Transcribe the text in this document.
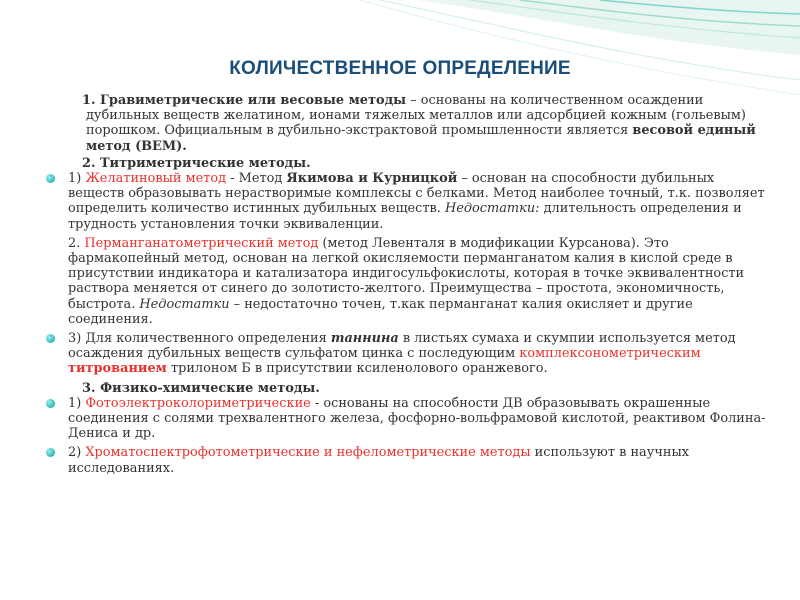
КОЛИЧЕСТВЕННОЕ ОПРЕДЕЛЕНИЕ
1. Гравиметрические или весовые методы – основаны на количественном осаждении дубильных веществ желатином, ионами тяжелых металлов или адсорбцией кожным (гольевым) порошком. Официальным в дубильно-экстрактовой промышленности является весовой единый метод (ВЕМ).
2. Титриметрические методы.
1) Желатиновый метод - Метод Якимова и Курницкой – основан на способности дубильных веществ образовывать нерастворимые комплексы с белками. Метод наиболее точный, т.к. позволяет определить количество истинных дубильных веществ. Недостатки: длительность определения и трудность установления точки эквиваленции.
2. Перманганатометрический метод (метод Левенталя в модификации Курсанова). Это фармакопейный метод, основан на легкой окисляемости перманганатом калия в кислой среде в присутствии индикатора и катализатора индигосульфокислоты, которая в точке эквивалентности раствора меняется от синего до золотисто-желтого. Преимущества – простота, экономичность, быстрота. Недостатки – недостаточно точен, т.как перманганат калия окисляет и другие соединения.
3) Для количественного определения таннина в листьях сумаха и скумпии используется метод осаждения дубильных веществ сульфатом цинка с последующим комплексонометрическим титрованием трилоном Б в присутствии ксиленолового оранжевого.
3. Физико-химические методы.
1) Фотоэлектроколориметрические - основаны на способности ДВ образовывать окрашенные соединения с солями трехвалентного железа, фосфорно-вольфрамовой кислотой, реактивом Фолина-Дениса и др.
2) Хроматоспектрофотометрические и нефелометрические методы используют в научных исследованиях.
